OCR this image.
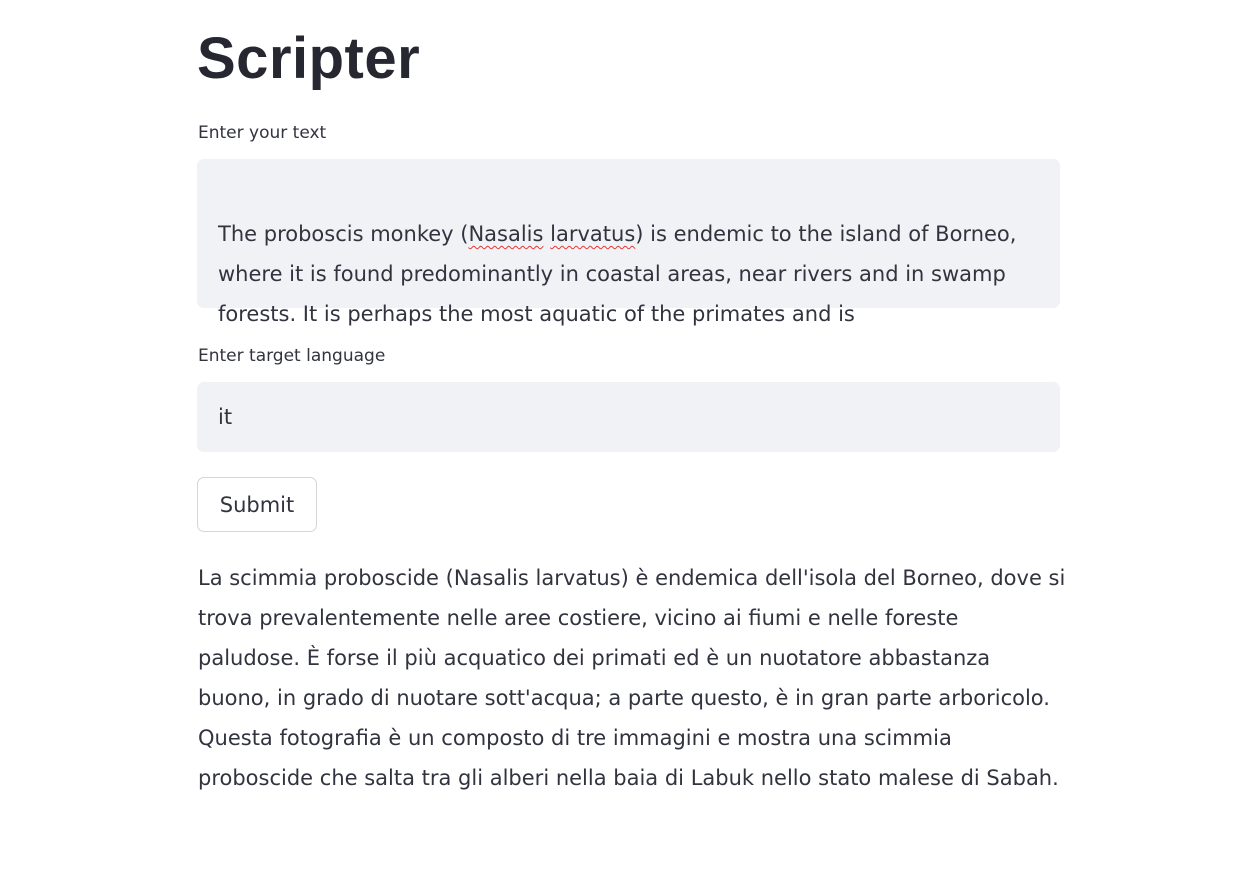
Scripter
Enter your text
The proboscis monkey (Nasalis larvatus) is endemic to the island of Borneo, where it is found predominantly in coastal areas, near rivers and in swamp forests. It is perhaps the most aquatic of the primates and is
Enter target language
it
Submit
La scimmia proboscide (Nasalis larvatus) è endemica dell'isola del Borneo, dove si trova prevalentemente nelle aree costiere, vicino ai fiumi e nelle foreste paludose. È forse il più acquatico dei primati ed è un nuotatore abbastanza buono, in grado di nuotare sott'acqua; a parte questo, è in gran parte arboricolo. Questa fotografia è un composto di tre immagini e mostra una scimmia proboscide che salta tra gli alberi nella baia di Labuk nello stato malese di Sabah.
